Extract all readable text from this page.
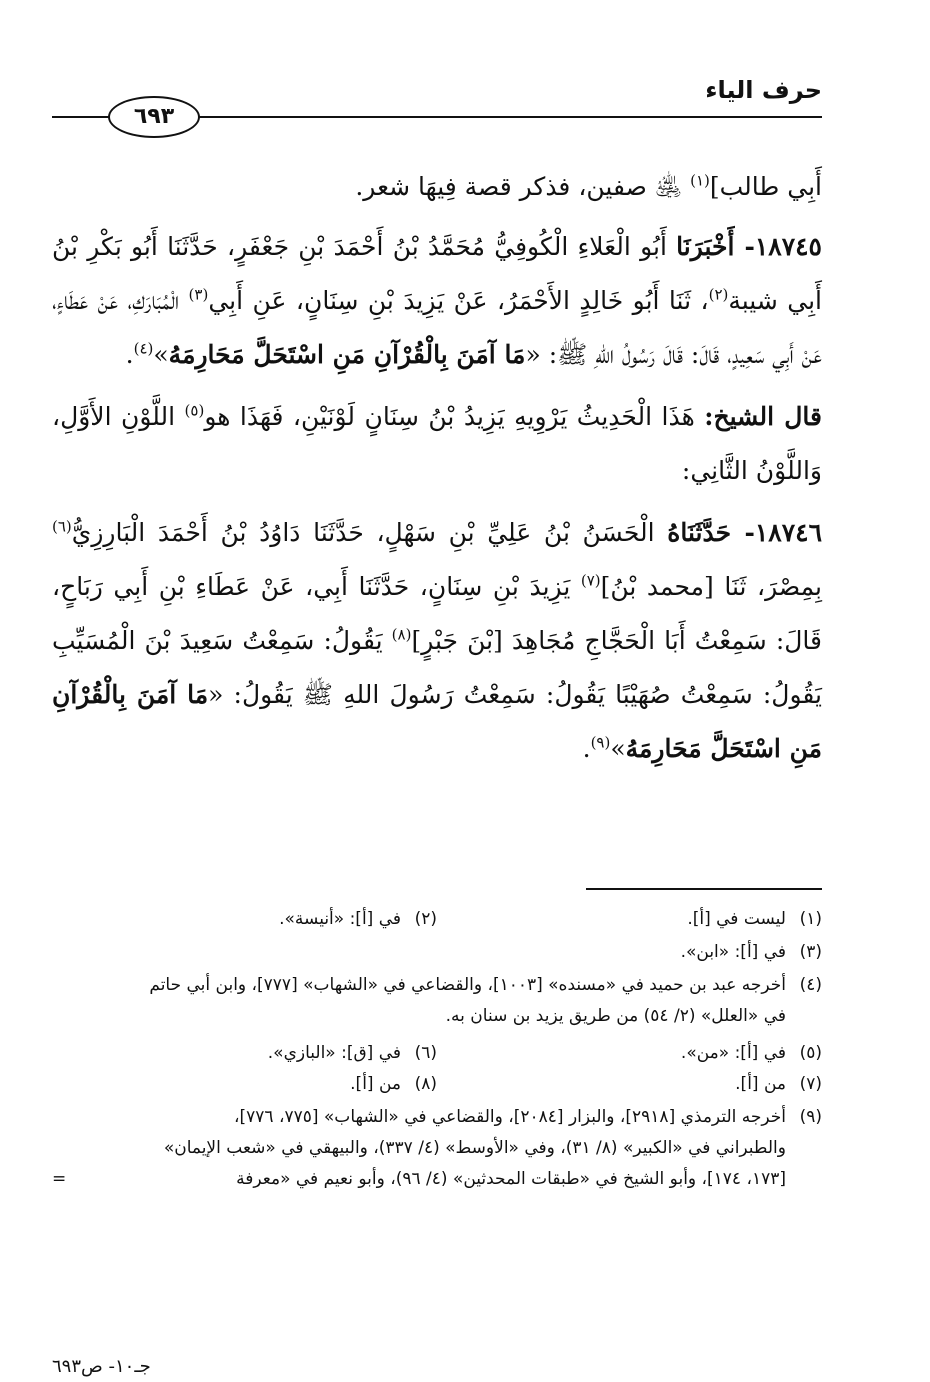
حرف الياء
٦٩٣

أَبِي طالب]$^{(١)}$ ﵁ صفين، فذكر قصة فِيهَا شعر.

١٨٧٤٥- أَخْبَرَنَا أَبُو الْعَلاءِ الْكُوفِيُّ مُحَمَّدُ بْنُ أَحْمَدَ بْنِ جَعْفَرٍ، حَدَّثَنَا أَبُو بَكْرِ بْنُ أَبِي شيبة$^{(٢)}$، ثَنَا أَبُو خَالِدٍ الأَحْمَرُ، عَنْ يَزِيدَ بْنِ سِنَانٍ، عَنِ أَبِي$^{(٣)}$ الْمُبَارَكِ، عَنْ عَطَاءٍ، عَنْ أَبِي سَعِيدٍ، قَالَ: قَالَ رَسُولُ اللهِ ﷺ: «مَا آمَنَ بِالْقُرْآنِ مَنِ اسْتَحَلَّ مَحَارِمَهُ»$^{(٤)}$.

قال الشيخ: هَذَا الْحَدِيثُ يَرْوِيهِ يَزِيدُ بْنُ سِنَانٍ لَوْنَيْنِ، فَهَذَا هو$^{(٥)}$ اللَّوْنِ الأَوَّلِ، وَاللَّوْنُ الثَّانِي:

١٨٧٤٦- حَدَّثَنَاهُ الْحَسَنُ بْنُ عَلِيِّ بْنِ سَهْلٍ، حَدَّثَنَا دَاوُدُ بْنُ أَحْمَدَ الْبَارِزِيُّ$^{(٦)}$ بِمِصْرَ، ثَنَا [محمد بْنُ]$^{(٧)}$ يَزِيدَ بْنِ سِنَانٍ، حَدَّثَنَا أَبِي، عَنْ عَطَاءِ بْنِ أَبِي رَبَاحٍ، قَالَ: سَمِعْتُ أَبَا الْحَجَّاجِ مُجَاهِدَ [بْنَ جَبْرٍ]$^{(٨)}$ يَقُولُ: سَمِعْتُ سَعِيدَ بْنَ الْمُسَيِّبِ يَقُولُ: سَمِعْتُ صُهَيْبًا يَقُولُ: سَمِعْتُ رَسُولَ اللهِ ﷺ يَقُولُ: «مَا آمَنَ بِالْقُرْآنِ مَنِ اسْتَحَلَّ مَحَارِمَهُ»$^{(٩)}$.

(١)ليست في [أ].
(٢)في [أ]: «أنيسة».
(٣)في [أ]: «ابن».
(٤)أخرجه عبد بن حميد في «مسنده» [١٠٠٣]، والقضاعي في «الشهاب» [٧٧٧]، وابن أبي حاتم
في «العلل» (٢/ ٥٤) من طريق يزيد بن سنان به.
(٥)في [أ]: «من».
(٦)في [ق]: «البازي».
(٧)من [أ].
(٨)من [أ].
(٩)أخرجه الترمذي [٢٩١٨]، والبزار [٢٠٨٤]، والقضاعي في «الشهاب» [٧٧٥، ٧٧٦]،
والطبراني في «الكبير» (٨/ ٣١)، وفي «الأوسط» (٤/ ٣٣٧)، والبيهقي في «شعب الإيمان»
[١٧٣، ١٧٤]، وأبو الشيخ في «طبقات المحدثين» (٤/ ٩٦)، وأبو نعيم في «معرفة
=
جـ١٠- ص٦٩٣
